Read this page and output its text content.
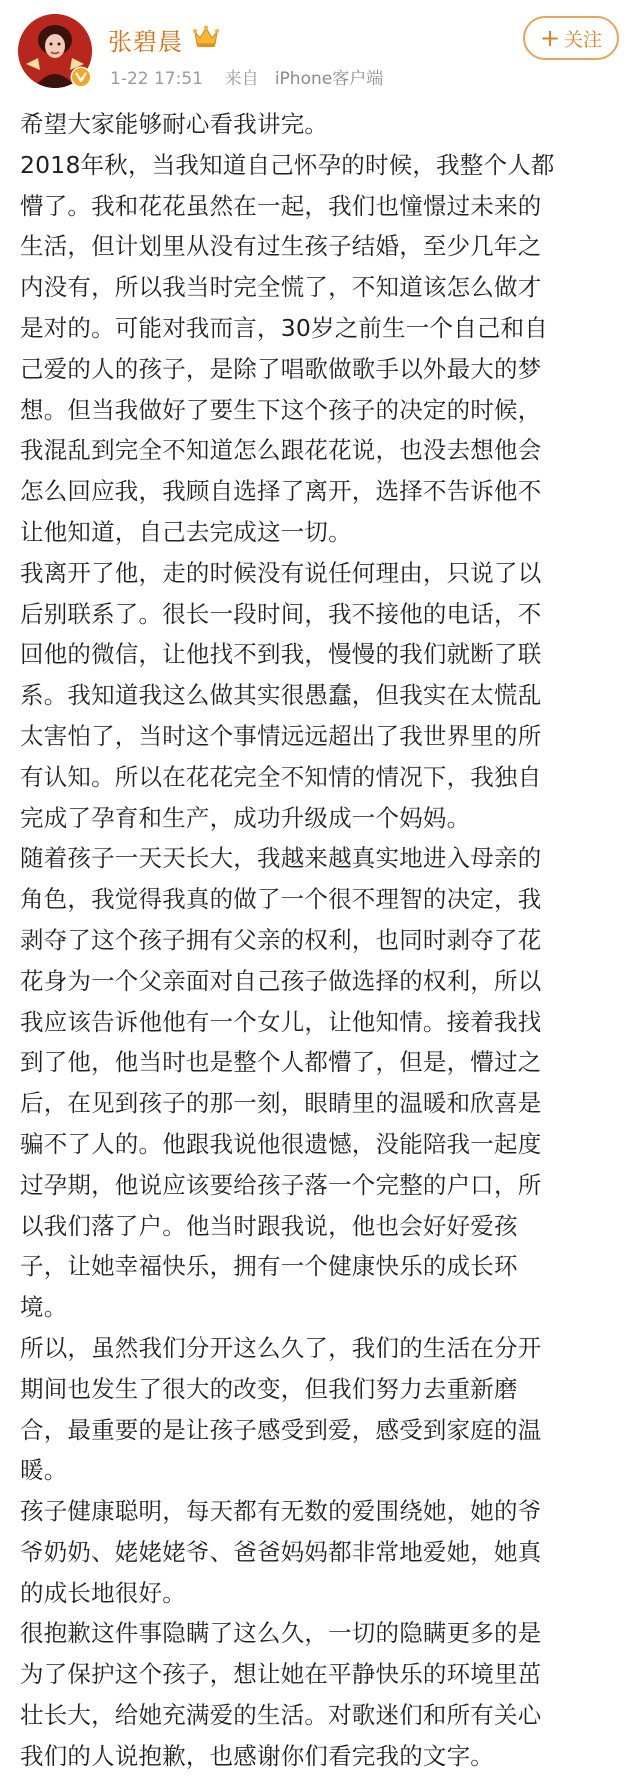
张碧晨
1-22 17:51 来自 iPhone客户端
+ 关注
希望大家能够耐心看我讲完。
2018年秋，当我知道自己怀孕的时候，我整个人都
懵了。我和花花虽然在一起，我们也憧憬过未来的
生活，但计划里从没有过生孩子结婚，至少几年之
内没有，所以我当时完全慌了，不知道该怎么做才
是对的。可能对我而言，30岁之前生一个自己和自
己爱的人的孩子，是除了唱歌做歌手以外最大的梦
想。但当我做好了要生下这个孩子的决定的时候，
我混乱到完全不知道怎么跟花花说，也没去想他会
怎么回应我，我顾自选择了离开，选择不告诉他不
让他知道，自己去完成这一切。
我离开了他，走的时候没有说任何理由，只说了以
后别联系了。很长一段时间，我不接他的电话，不
回他的微信，让他找不到我，慢慢的我们就断了联
系。我知道我这么做其实很愚蠢，但我实在太慌乱
太害怕了，当时这个事情远远超出了我世界里的所
有认知。所以在花花完全不知情的情况下，我独自
完成了孕育和生产，成功升级成一个妈妈。
随着孩子一天天长大，我越来越真实地进入母亲的
角色，我觉得我真的做了一个很不理智的决定，我
剥夺了这个孩子拥有父亲的权利，也同时剥夺了花
花身为一个父亲面对自己孩子做选择的权利，所以
我应该告诉他他有一个女儿，让他知情。接着我找
到了他，他当时也是整个人都懵了，但是，懵过之
后，在见到孩子的那一刻，眼睛里的温暖和欣喜是
骗不了人的。他跟我说他很遗憾，没能陪我一起度
过孕期，他说应该要给孩子落一个完整的户口，所
以我们落了户。他当时跟我说，他也会好好爱孩
子，让她幸福快乐，拥有一个健康快乐的成长环
境。
所以，虽然我们分开这么久了，我们的生活在分开
期间也发生了很大的改变，但我们努力去重新磨
合，最重要的是让孩子感受到爱，感受到家庭的温
暖。
孩子健康聪明，每天都有无数的爱围绕她，她的爷
爷奶奶、姥姥姥爷、爸爸妈妈都非常地爱她，她真
的成长地很好。
很抱歉这件事隐瞒了这么久，一切的隐瞒更多的是
为了保护这个孩子，想让她在平静快乐的环境里茁
壮长大，给她充满爱的生活。对歌迷们和所有关心
我们的人说抱歉，也感谢你们看完我的文字。
